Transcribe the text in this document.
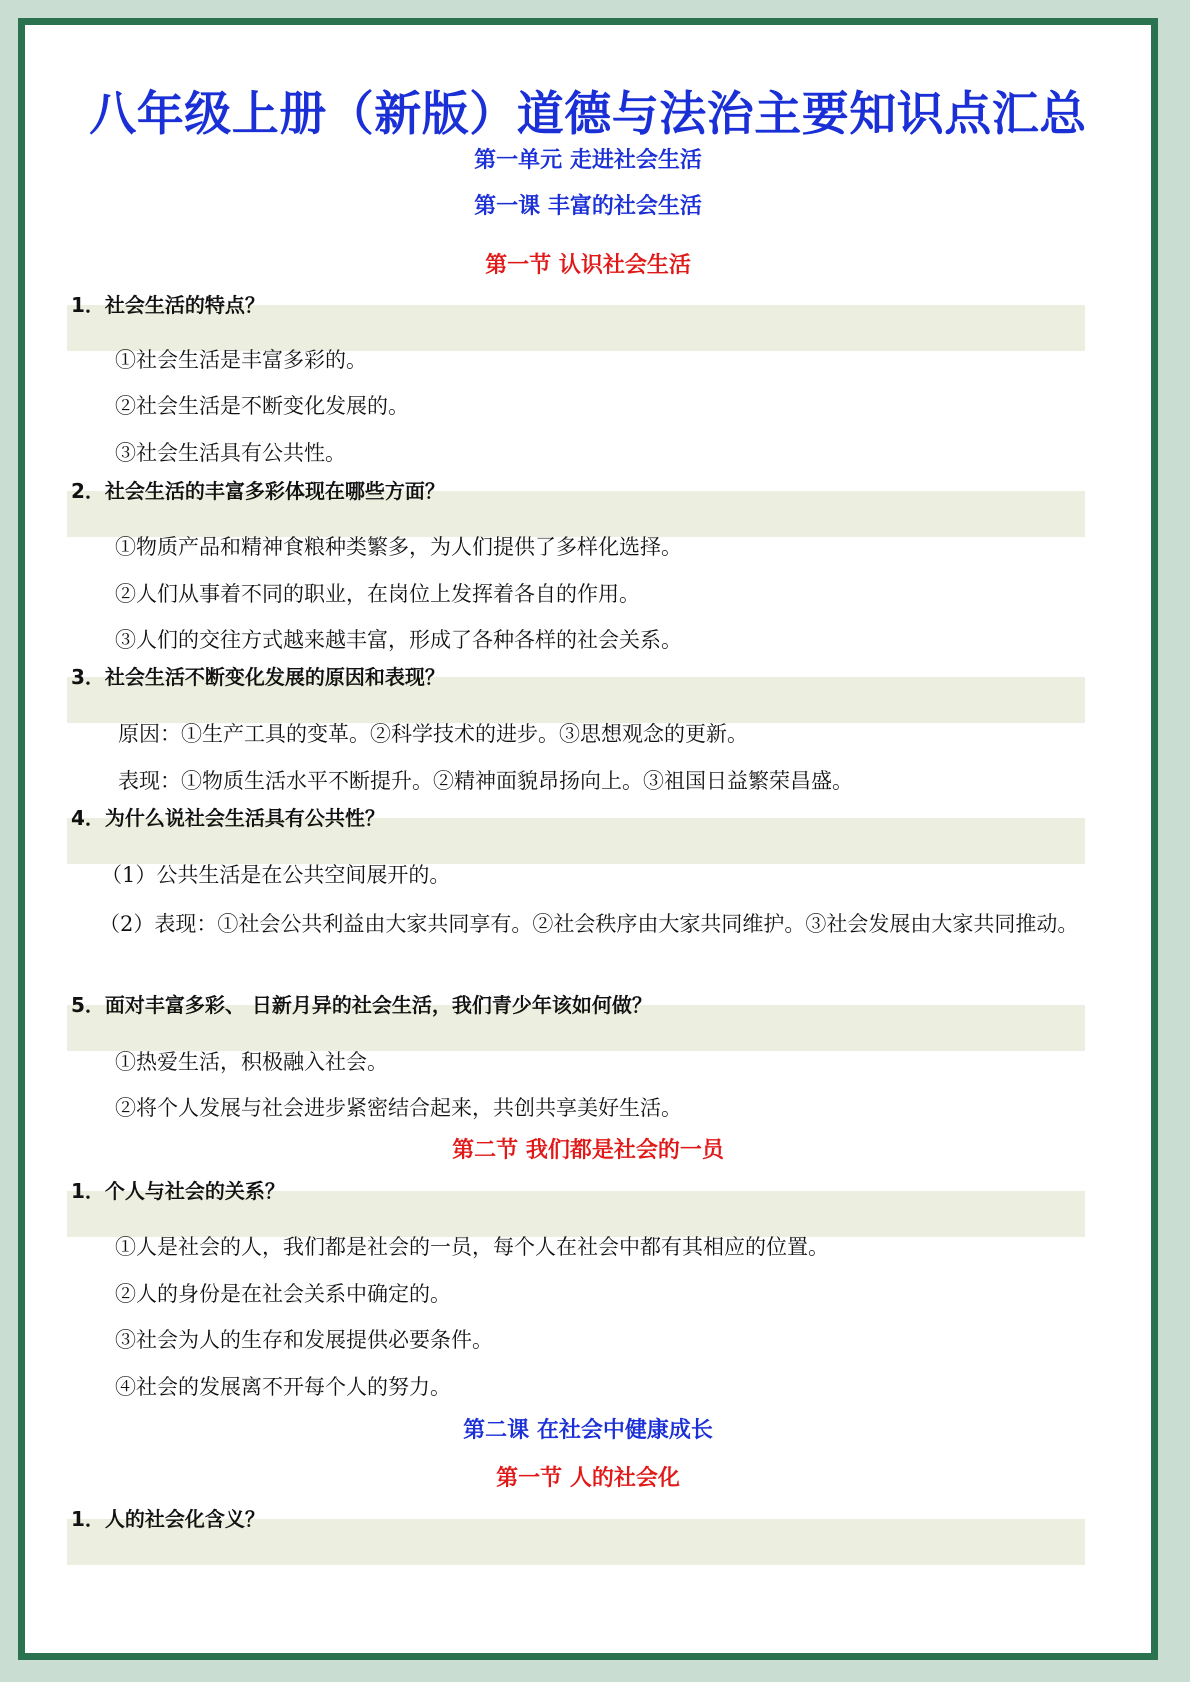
八年级上册（新版）道德与法治主要知识点汇总
第一单元 走进社会生活
第一课 丰富的社会生活
第一节 认识社会生活
1．社会生活的特点？
①社会生活是丰富多彩的。
②社会生活是不断变化发展的。
③社会生活具有公共性。
2．社会生活的丰富多彩体现在哪些方面？
①物质产品和精神食粮种类繁多，为人们提供了多样化选择。
②人们从事着不同的职业，在岗位上发挥着各自的作用。
③人们的交往方式越来越丰富，形成了各种各样的社会关系。
3．社会生活不断变化发展的原因和表现？
原因：①生产工具的变革。②科学技术的进步。③思想观念的更新。
表现：①物质生活水平不断提升。②精神面貌昂扬向上。③祖国日益繁荣昌盛。
4．为什么说社会生活具有公共性？
（1）公共生活是在公共空间展开的。
（2）表现：①社会公共利益由大家共同享有。②社会秩序由大家共同维护。③社会发展由大家共同推动。
5．面对丰富多彩、 日新月异的社会生活，我们青少年该如何做？
①热爱生活，积极融入社会。
②将个人发展与社会进步紧密结合起来，共创共享美好生活。
第二节 我们都是社会的一员
1．个人与社会的关系？
①人是社会的人，我们都是社会的一员，每个人在社会中都有其相应的位置。
②人的身份是在社会关系中确定的。
③社会为人的生存和发展提供必要条件。
④社会的发展离不开每个人的努力。
第二课 在社会中健康成长
第一节 人的社会化
1．人的社会化含义？
